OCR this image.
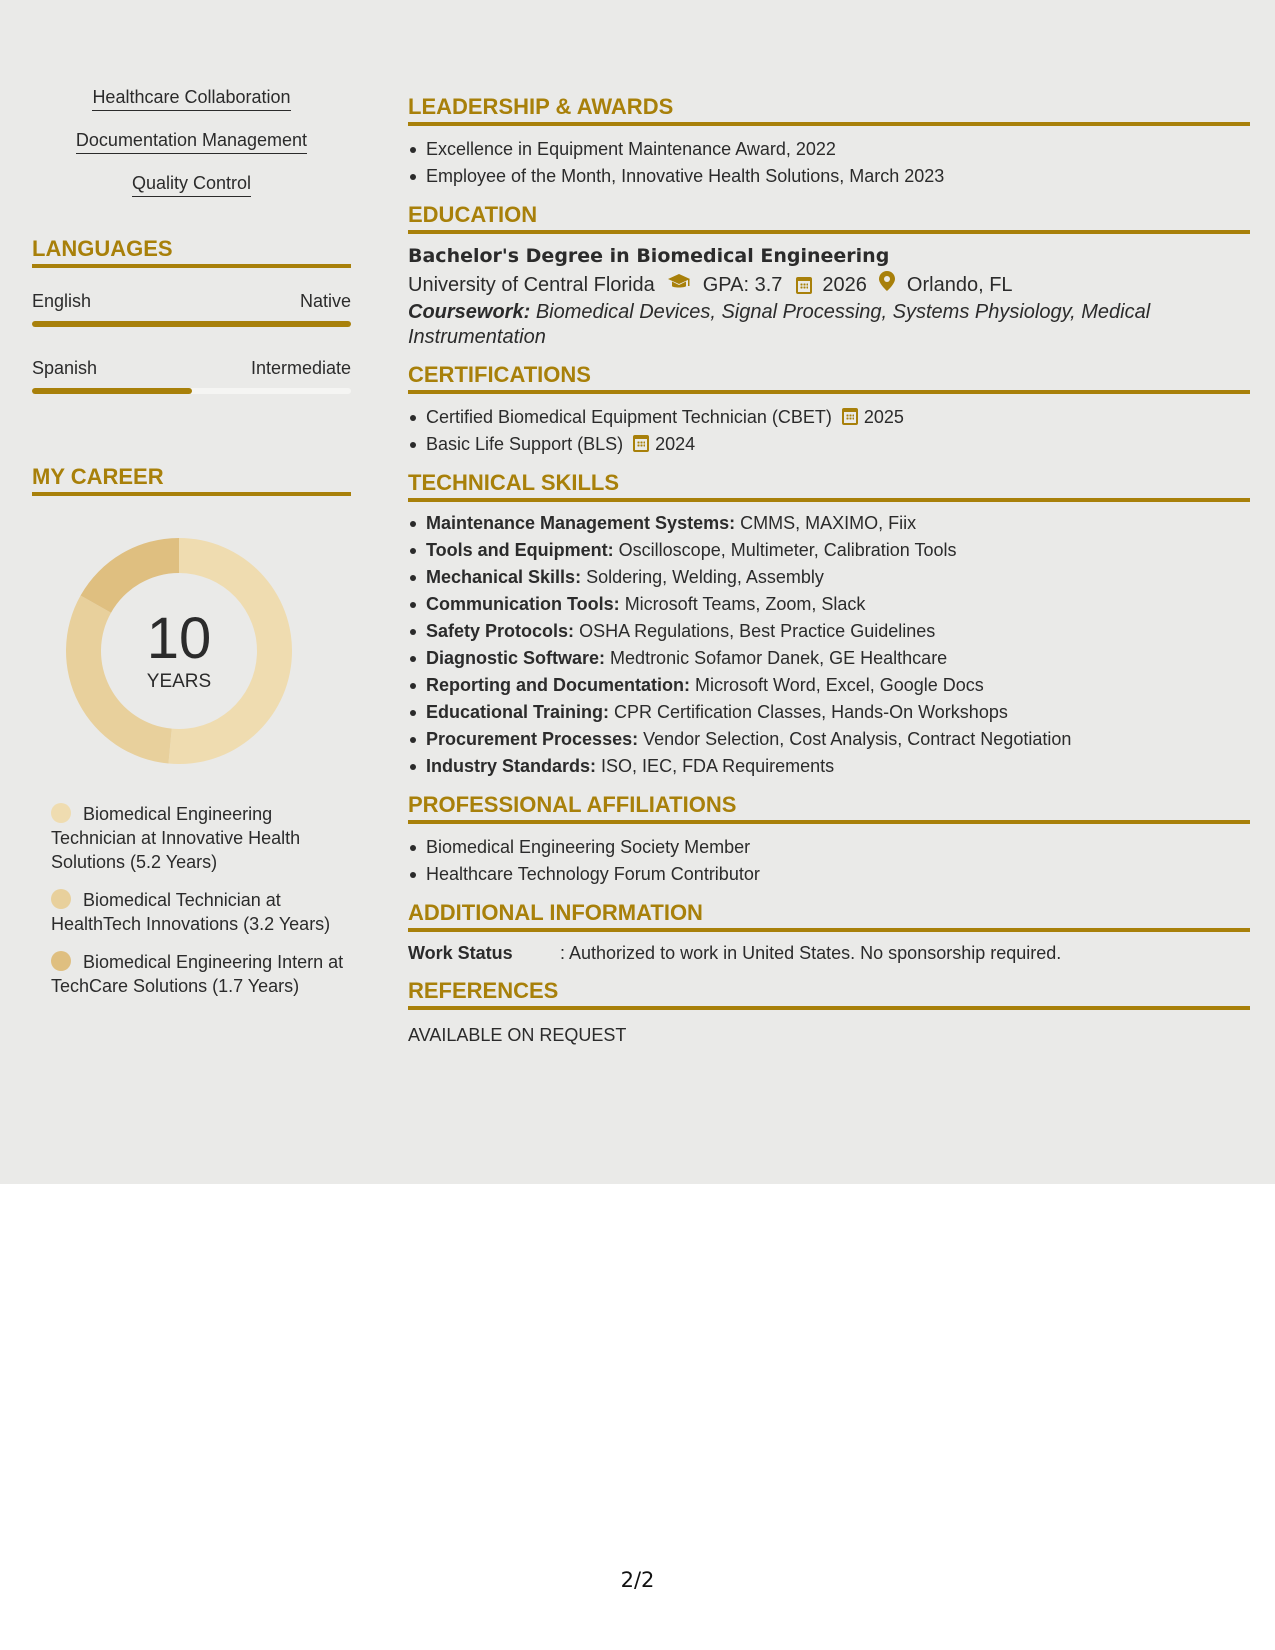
Healthcare Collaboration
Documentation Management
Quality Control
LANGUAGES
English	Native
Spanish	Intermediate
MY CAREER
10
YEARS
Biomedical Engineering Technician at Innovative Health Solutions (5.2 Years)
Biomedical Technician at HealthTech Innovations (3.2 Years)
Biomedical Engineering Intern at TechCare Solutions (1.7 Years)
LEADERSHIP & AWARDS
Excellence in Equipment Maintenance Award, 2022
Employee of the Month, Innovative Health Solutions, March 2023
EDUCATION
Bachelor's Degree in Biomedical Engineering
University of Central Florida GPA: 3.7 2026 Orlando, FL
Coursework: Biomedical Devices, Signal Processing, Systems Physiology, Medical Instrumentation
CERTIFICATIONS
Certified Biomedical Equipment Technician (CBET) 2025
Basic Life Support (BLS) 2024
TECHNICAL SKILLS
Maintenance Management Systems: CMMS, MAXIMO, Fiix
Tools and Equipment: Oscilloscope, Multimeter, Calibration Tools
Mechanical Skills: Soldering, Welding, Assembly
Communication Tools: Microsoft Teams, Zoom, Slack
Safety Protocols: OSHA Regulations, Best Practice Guidelines
Diagnostic Software: Medtronic Sofamor Danek, GE Healthcare
Reporting and Documentation: Microsoft Word, Excel, Google Docs
Educational Training: CPR Certification Classes, Hands-On Workshops
Procurement Processes: Vendor Selection, Cost Analysis, Contract Negotiation
Industry Standards: ISO, IEC, FDA Requirements
PROFESSIONAL AFFILIATIONS
Biomedical Engineering Society Member
Healthcare Technology Forum Contributor
ADDITIONAL INFORMATION
Work Status	: Authorized to work in United States. No sponsorship required.
REFERENCES
AVAILABLE ON REQUEST
2/2
